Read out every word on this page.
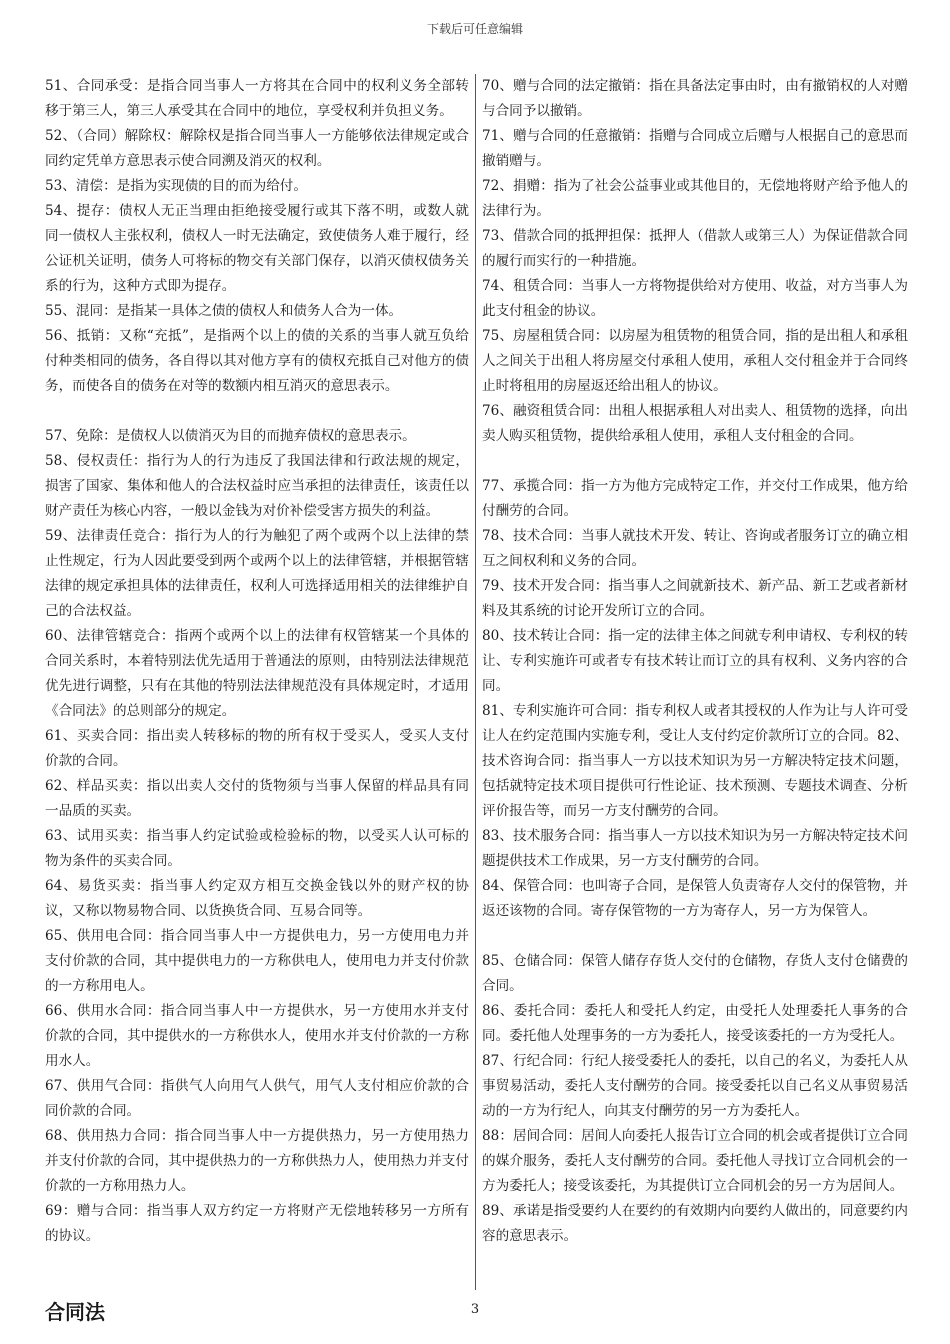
下载后可任意编辑

51、合同承受：是指合同当事人一方将其在合同中的权利义务全部转移于第三人，第三人承受其在合同中的地位，享受权利并负担义务。

52、（合同）解除权：解除权是指合同当事人一方能够依法律规定或合同约定凭单方意思表示使合同溯及消灭的权利。

53、清偿：是指为实现债的目的而为给付。

54、提存：债权人无正当理由拒绝接受履行或其下落不明，或数人就同一债权人主张权利，债权人一时无法确定，致使债务人难于履行，经公证机关证明，债务人可将标的物交有关部门保存，以消灭债权债务关系的行为，这种方式即为提存。

55、混同：是指某一具体之债的债权人和债务人合为一体。

56、抵销：又称“充抵”，是指两个以上的债的关系的当事人就互负给付种类相同的债务，各自得以其对他方享有的债权充抵自己对他方的债务，而使各自的债务在对等的数额内相互消灭的意思表示。

57、免除：是债权人以债消灭为目的而抛弃债权的意思表示。

58、侵权责任：指行为人的行为违反了我国法律和行政法规的规定，损害了国家、集体和他人的合法权益时应当承担的法律责任，该责任以财产责任为核心内容，一般以金钱为对价补偿受害方损失的利益。

59、法律责任竞合：指行为人的行为触犯了两个或两个以上法律的禁止性规定，行为人因此要受到两个或两个以上的法律管辖，并根据管辖法律的规定承担具体的法律责任，权利人可选择适用相关的法律维护自己的合法权益。

60、法律管辖竞合：指两个或两个以上的法律有权管辖某一个具体的合同关系时，本着特别法优先适用于普通法的原则，由特别法法律规范优先进行调整，只有在其他的特别法法律规范没有具体规定时，才适用《合同法》的总则部分的规定。

61、买卖合同：指出卖人转移标的物的所有权于受买人，受买人支付价款的合同。

62、样品买卖：指以出卖人交付的货物须与当事人保留的样品具有同一品质的买卖。

63、试用买卖：指当事人约定试验或检验标的物，以受买人认可标的物为条件的买卖合同。

64、易货买卖：指当事人约定双方相互交换金钱以外的财产权的协议，又称以物易物合同、以货换货合同、互易合同等。

65、供用电合同：指合同当事人中一方提供电力，另一方使用电力并支付价款的合同，其中提供电力的一方称供电人，使用电力并支付价款的一方称用电人。

66、供用水合同：指合同当事人中一方提供水，另一方使用水并支付价款的合同，其中提供水的一方称供水人，使用水并支付价款的一方称用水人。

67、供用气合同：指供气人向用气人供气，用气人支付相应价款的合同价款的合同。

68、供用热力合同：指合同当事人中一方提供热力，另一方使用热力并支付价款的合同，其中提供热力的一方称供热力人，使用热力并支付价款的一方称用热力人。

69：赠与合同：指当事人双方约定一方将财产无偿地转移另一方所有的协议。

70、赠与合同的法定撤销：指在具备法定事由时，由有撤销权的人对赠与合同予以撤销。

71、赠与合同的任意撤销：指赠与合同成立后赠与人根据自己的意思而撤销赠与。

72、捐赠：指为了社会公益事业或其他目的，无偿地将财产给予他人的法律行为。

73、借款合同的抵押担保：抵押人（借款人或第三人）为保证借款合同的履行而实行的一种措施。

74、租赁合同：当事人一方将物提供给对方使用、收益，对方当事人为此支付租金的协议。

75、房屋租赁合同：以房屋为租赁物的租赁合同，指的是出租人和承租人之间关于出租人将房屋交付承租人使用，承租人交付租金并于合同终止时将租用的房屋返还给出租人的协议。

76、融资租赁合同：出租人根据承租人对出卖人、租赁物的选择，向出卖人购买租赁物，提供给承租人使用，承租人支付租金的合同。

77、承揽合同：指一方为他方完成特定工作，并交付工作成果，他方给付酬劳的合同。

78、技术合同：当事人就技术开发、转让、咨询或者服务订立的确立相互之间权利和义务的合同。

79、技术开发合同：指当事人之间就新技术、新产品、新工艺或者新材料及其系统的讨论开发所订立的合同。

80、技术转让合同：指一定的法律主体之间就专利申请权、专利权的转让、专利实施许可或者专有技术转让而订立的具有权利、义务内容的合同。

81、专利实施许可合同：指专利权人或者其授权的人作为让与人许可受让人在约定范围内实施专利，受让人支付约定价款所订立的合同。82、技术咨询合同：指当事人一方以技术知识为另一方解决特定技术问题，包括就特定技术项目提供可行性论证、技术预测、专题技术调查、分析评价报告等，而另一方支付酬劳的合同。

83、技术服务合同：指当事人一方以技术知识为另一方解决特定技术问题提供技术工作成果，另一方支付酬劳的合同。

84、保管合同：也叫寄子合同，是保管人负责寄存人交付的保管物，并返还该物的合同。寄存保管物的一方为寄存人，另一方为保管人。

85、仓储合同：保管人储存存货人交付的仓储物，存货人支付仓储费的合同。

86、委托合同：委托人和受托人约定，由受托人处理委托人事务的合同。委托他人处理事务的一方为委托人，接受该委托的一方为受托人。

87、行纪合同：行纪人接受委托人的委托，以自己的名义，为委托人从事贸易活动，委托人支付酬劳的合同。接受委托以自己名义从事贸易活动的一方为行纪人，向其支付酬劳的另一方为委托人。

88：居间合同：居间人向委托人报告订立合同的机会或者提供订立合同的媒介服务，委托人支付酬劳的合同。委托他人寻找订立合同机会的一方为委托人；接受该委托，为其提供订立合同机会的另一方为居间人。

89、承诺是指受要约人在要约的有效期内向要约人做出的，同意要约内容的意思表示。

合同法	3
